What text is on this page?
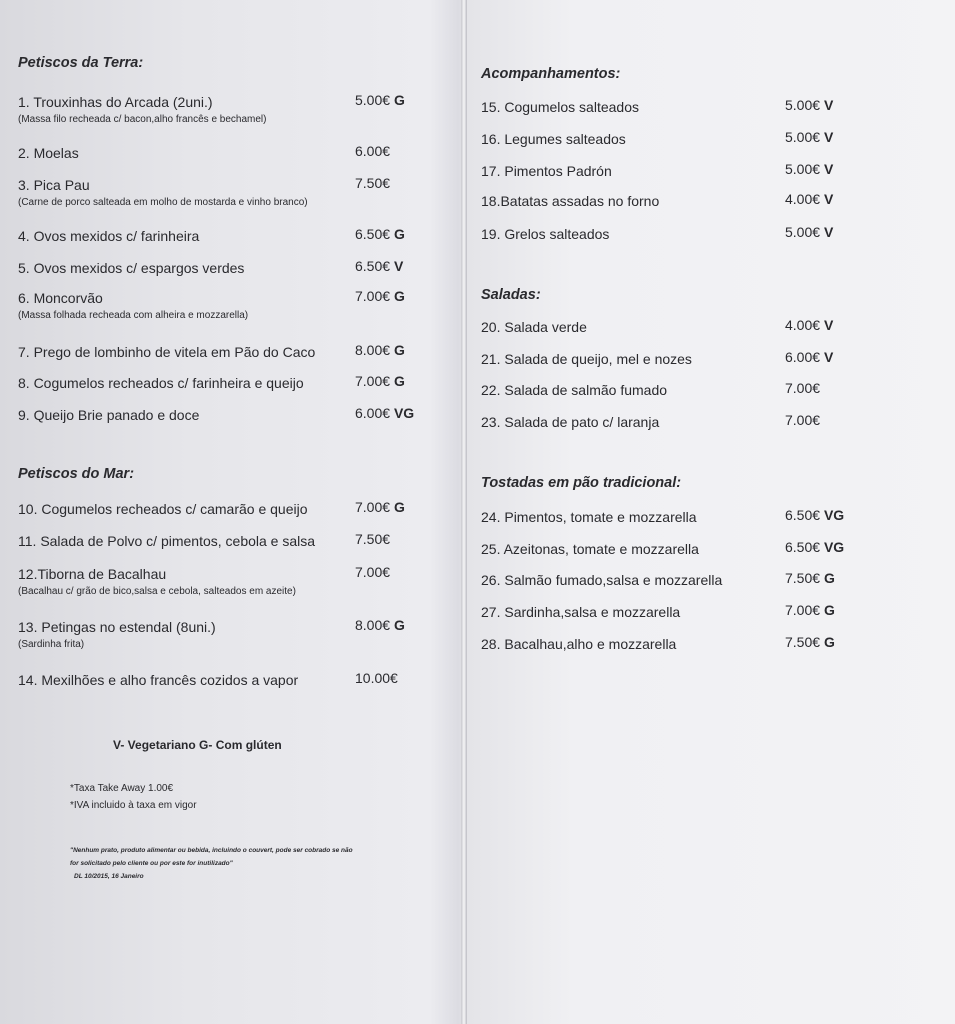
Petiscos da Terra:
1. Trouxinhas do Arcada (2uni.)	5.00€ G
(Massa filo recheada c/ bacon,alho francês e bechamel)
2. Moelas	6.00€
3. Pica Pau	7.50€
(Carne de porco salteada em molho de mostarda e vinho branco)
4. Ovos mexidos c/ farinheira	6.50€ G
5. Ovos mexidos c/ espargos verdes	6.50€ V
6. Moncorvão	7.00€ G
(Massa folhada recheada com alheira e mozzarella)
7. Prego de lombinho de vitela em Pão do Caco	8.00€ G
8. Cogumelos recheados c/ farinheira e queijo	7.00€ G
9. Queijo Brie panado e doce	6.00€ VG
Petiscos do Mar:
10. Cogumelos recheados c/ camarão e queijo	7.00€ G
11. Salada de Polvo c/ pimentos, cebola e salsa	7.50€
12.Tiborna de Bacalhau	7.00€
(Bacalhau c/ grão de bico,salsa e cebola, salteados em azeite)
13. Petingas no estendal (8uni.)	8.00€ G
(Sardinha frita)
14. Mexilhões e alho francês cozidos a vapor	10.00€
Acompanhamentos:
15. Cogumelos salteados	5.00€ V
16. Legumes salteados	5.00€ V
17. Pimentos Padrón	5.00€ V
18.Batatas assadas no forno	4.00€ V
19. Grelos salteados	5.00€ V
Saladas:
20. Salada verde	4.00€ V
21. Salada de queijo, mel e nozes	6.00€ V
22. Salada de salmão fumado	7.00€
23. Salada de pato c/ laranja	7.00€
Tostadas em pão tradicional:
24. Pimentos, tomate e mozzarella	6.50€ VG
25. Azeitonas, tomate e mozzarella	6.50€ VG
26. Salmão fumado,salsa e mozzarella	7.50€ G
27. Sardinha,salsa e mozzarella	7.00€ G
28. Bacalhau,alho e mozzarella	7.50€ G
V- Vegetariano G- Com glúten
*Taxa Take Away 1.00€
*IVA incluido à taxa em vigor
"Nenhum prato, produto alimentar ou bebida, incluindo o couvert, pode ser cobrado se não
for solicitado pelo cliente ou por este for inutilizado"
DL 10/2015, 16 Janeiro
